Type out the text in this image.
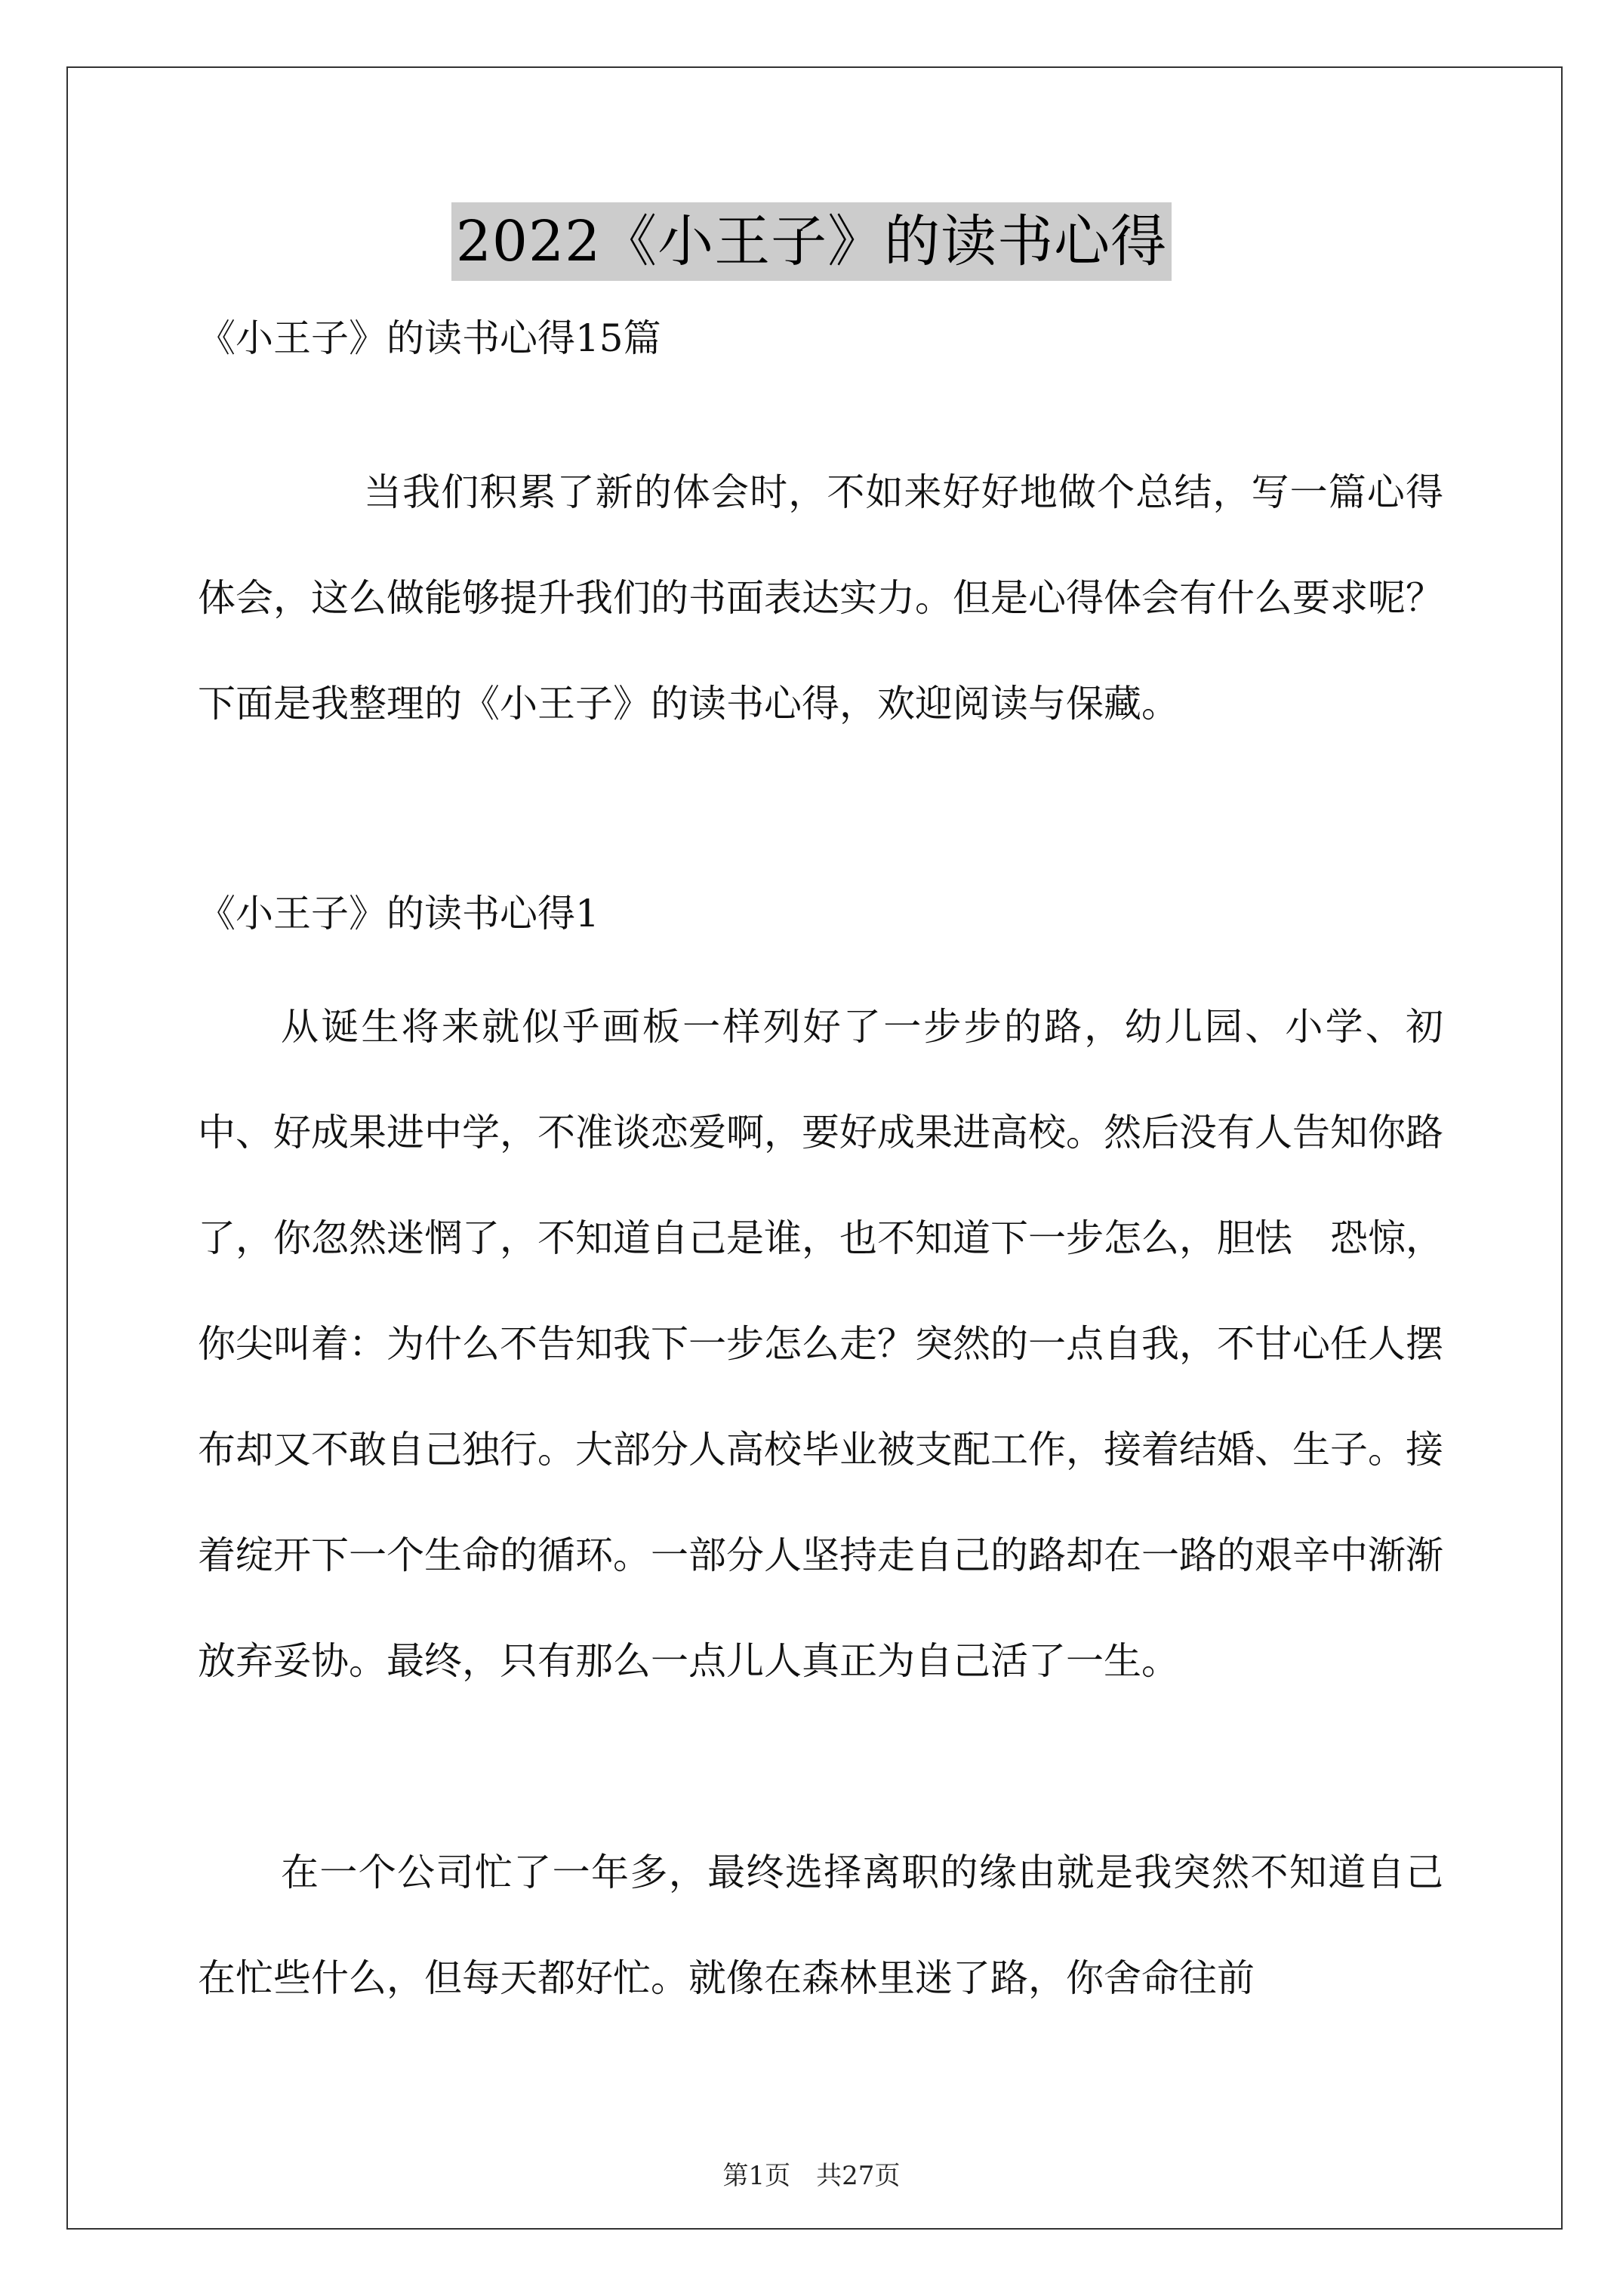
2022《小王子》的读书心得
《小王子》的读书心得15篇

当我们积累了新的体会时，不如来好好地做个总结，写一篇心得体会，这么做能够提升我们的书面表达实力。但是心得体会有什么要求呢？下面是我整理的《小王子》的读书心得，欢迎阅读与保藏。

《小王子》的读书心得1

从诞生将来就似乎画板一样列好了一步步的路，幼儿园、小学、初中、好成果进中学，不准谈恋爱啊，要好成果进高校。然后没有人告知你路了，你忽然迷惘了，不知道自己是谁，也不知道下一步怎么，胆怯　恐惊，你尖叫着：为什么不告知我下一步怎么走？突然的一点自我，不甘心任人摆布却又不敢自己独行。大部分人高校毕业被支配工作，接着结婚、生子。接着绽开下一个生命的循环。一部分人坚持走自己的路却在一路的艰辛中渐渐放弃妥协。最终，只有那么一点儿人真正为自己活了一生。

在一个公司忙了一年多，最终选择离职的缘由就是我突然不知道自己在忙些什么，但每天都好忙。就像在森林里迷了路，你舍命往前

第1页　共27页
